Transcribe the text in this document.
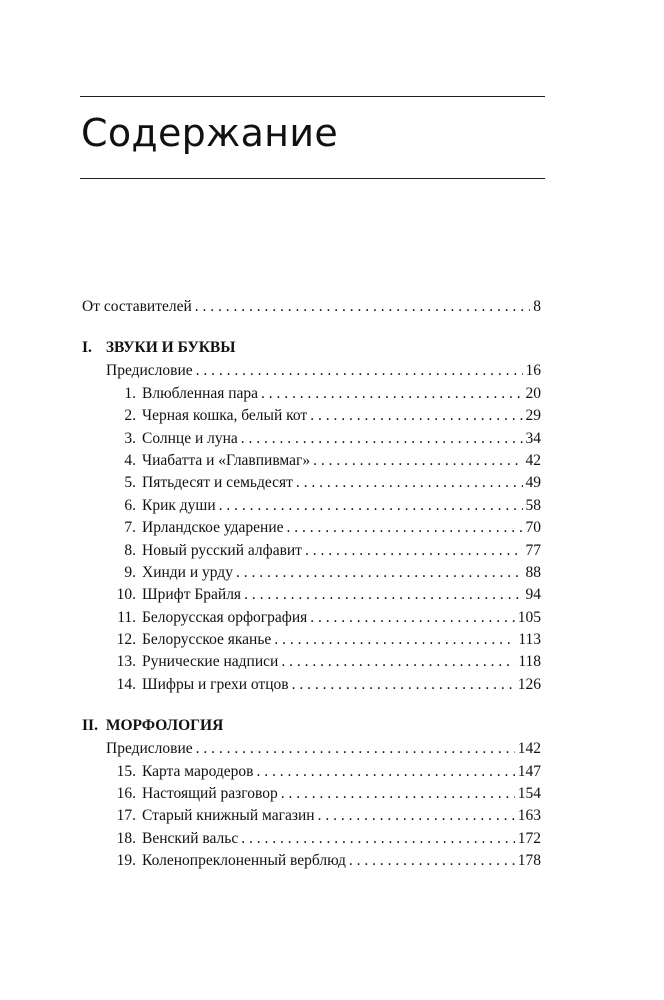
Содержание
От составителей . . .	8
I. ЗВУКИ И БУКВЫ
Предисловие . . .	16
1. Влюбленная пара . . .	20
2. Черная кошка, белый кот . . .	29
3. Солнце и луна . . .	34
4. Чиабатта и «Главпивмаг» . . .	42
5. Пятьдесят и семьдесят . . .	49
6. Крик души . . .	58
7. Ирландское ударение . . .	70
8. Новый русский алфавит . . .	77
9. Хинди и урду . . .	88
10. Шрифт Брайля . . .	94
11. Белорусская орфография . . .	105
12. Белорусское яканье . . .	113
13. Рунические надписи . . .	118
14. Шифры и грехи отцов . . .	126
II. МОРФОЛОГИЯ
Предисловие . . .	142
15. Карта мародеров . . .	147
16. Настоящий разговор . . .	154
17. Старый книжный магазин . . .	163
18. Венский вальс . . .	172
19. Коленопреклоненный верблюд . . .	178
